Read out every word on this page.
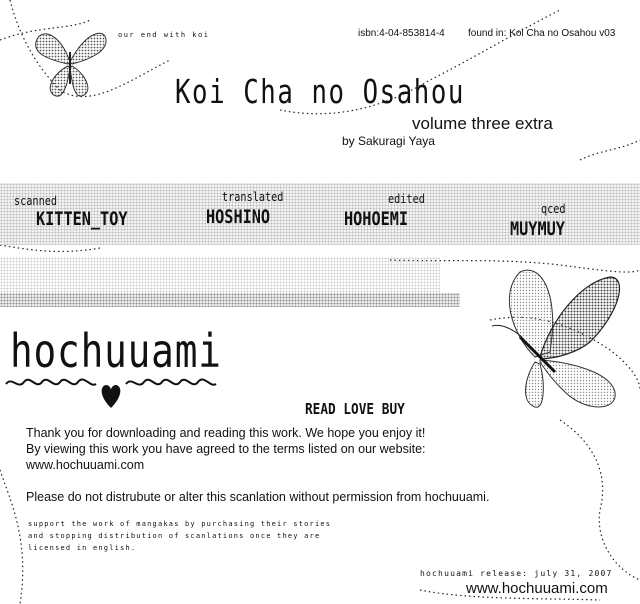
our end with koi	isbn:4-04-853814-4 found in: Koi Cha no Osahou v03
Koi Cha no Osahou
volume three extra
by Sakuragi Yaya
scanned
KITTEN_TOY
translated
HOSHINO
edited
HOHOEMI	qced
MUYMUY
hochuuami
READ LOVE BUY
Thank you for downloading and reading this work. We hope you enjoy it!
By viewing this work you have agreed to the terms listed on our website:
www.hochuuami.com
Please do not distrubute or alter this scanlation without permission from hochuuami.
support the work of mangakas by purchasing their stories
and stopping distribution of scanlations once they are
licensed in english.
hochuuami release: july 31, 2007
www.hochuuami.com
